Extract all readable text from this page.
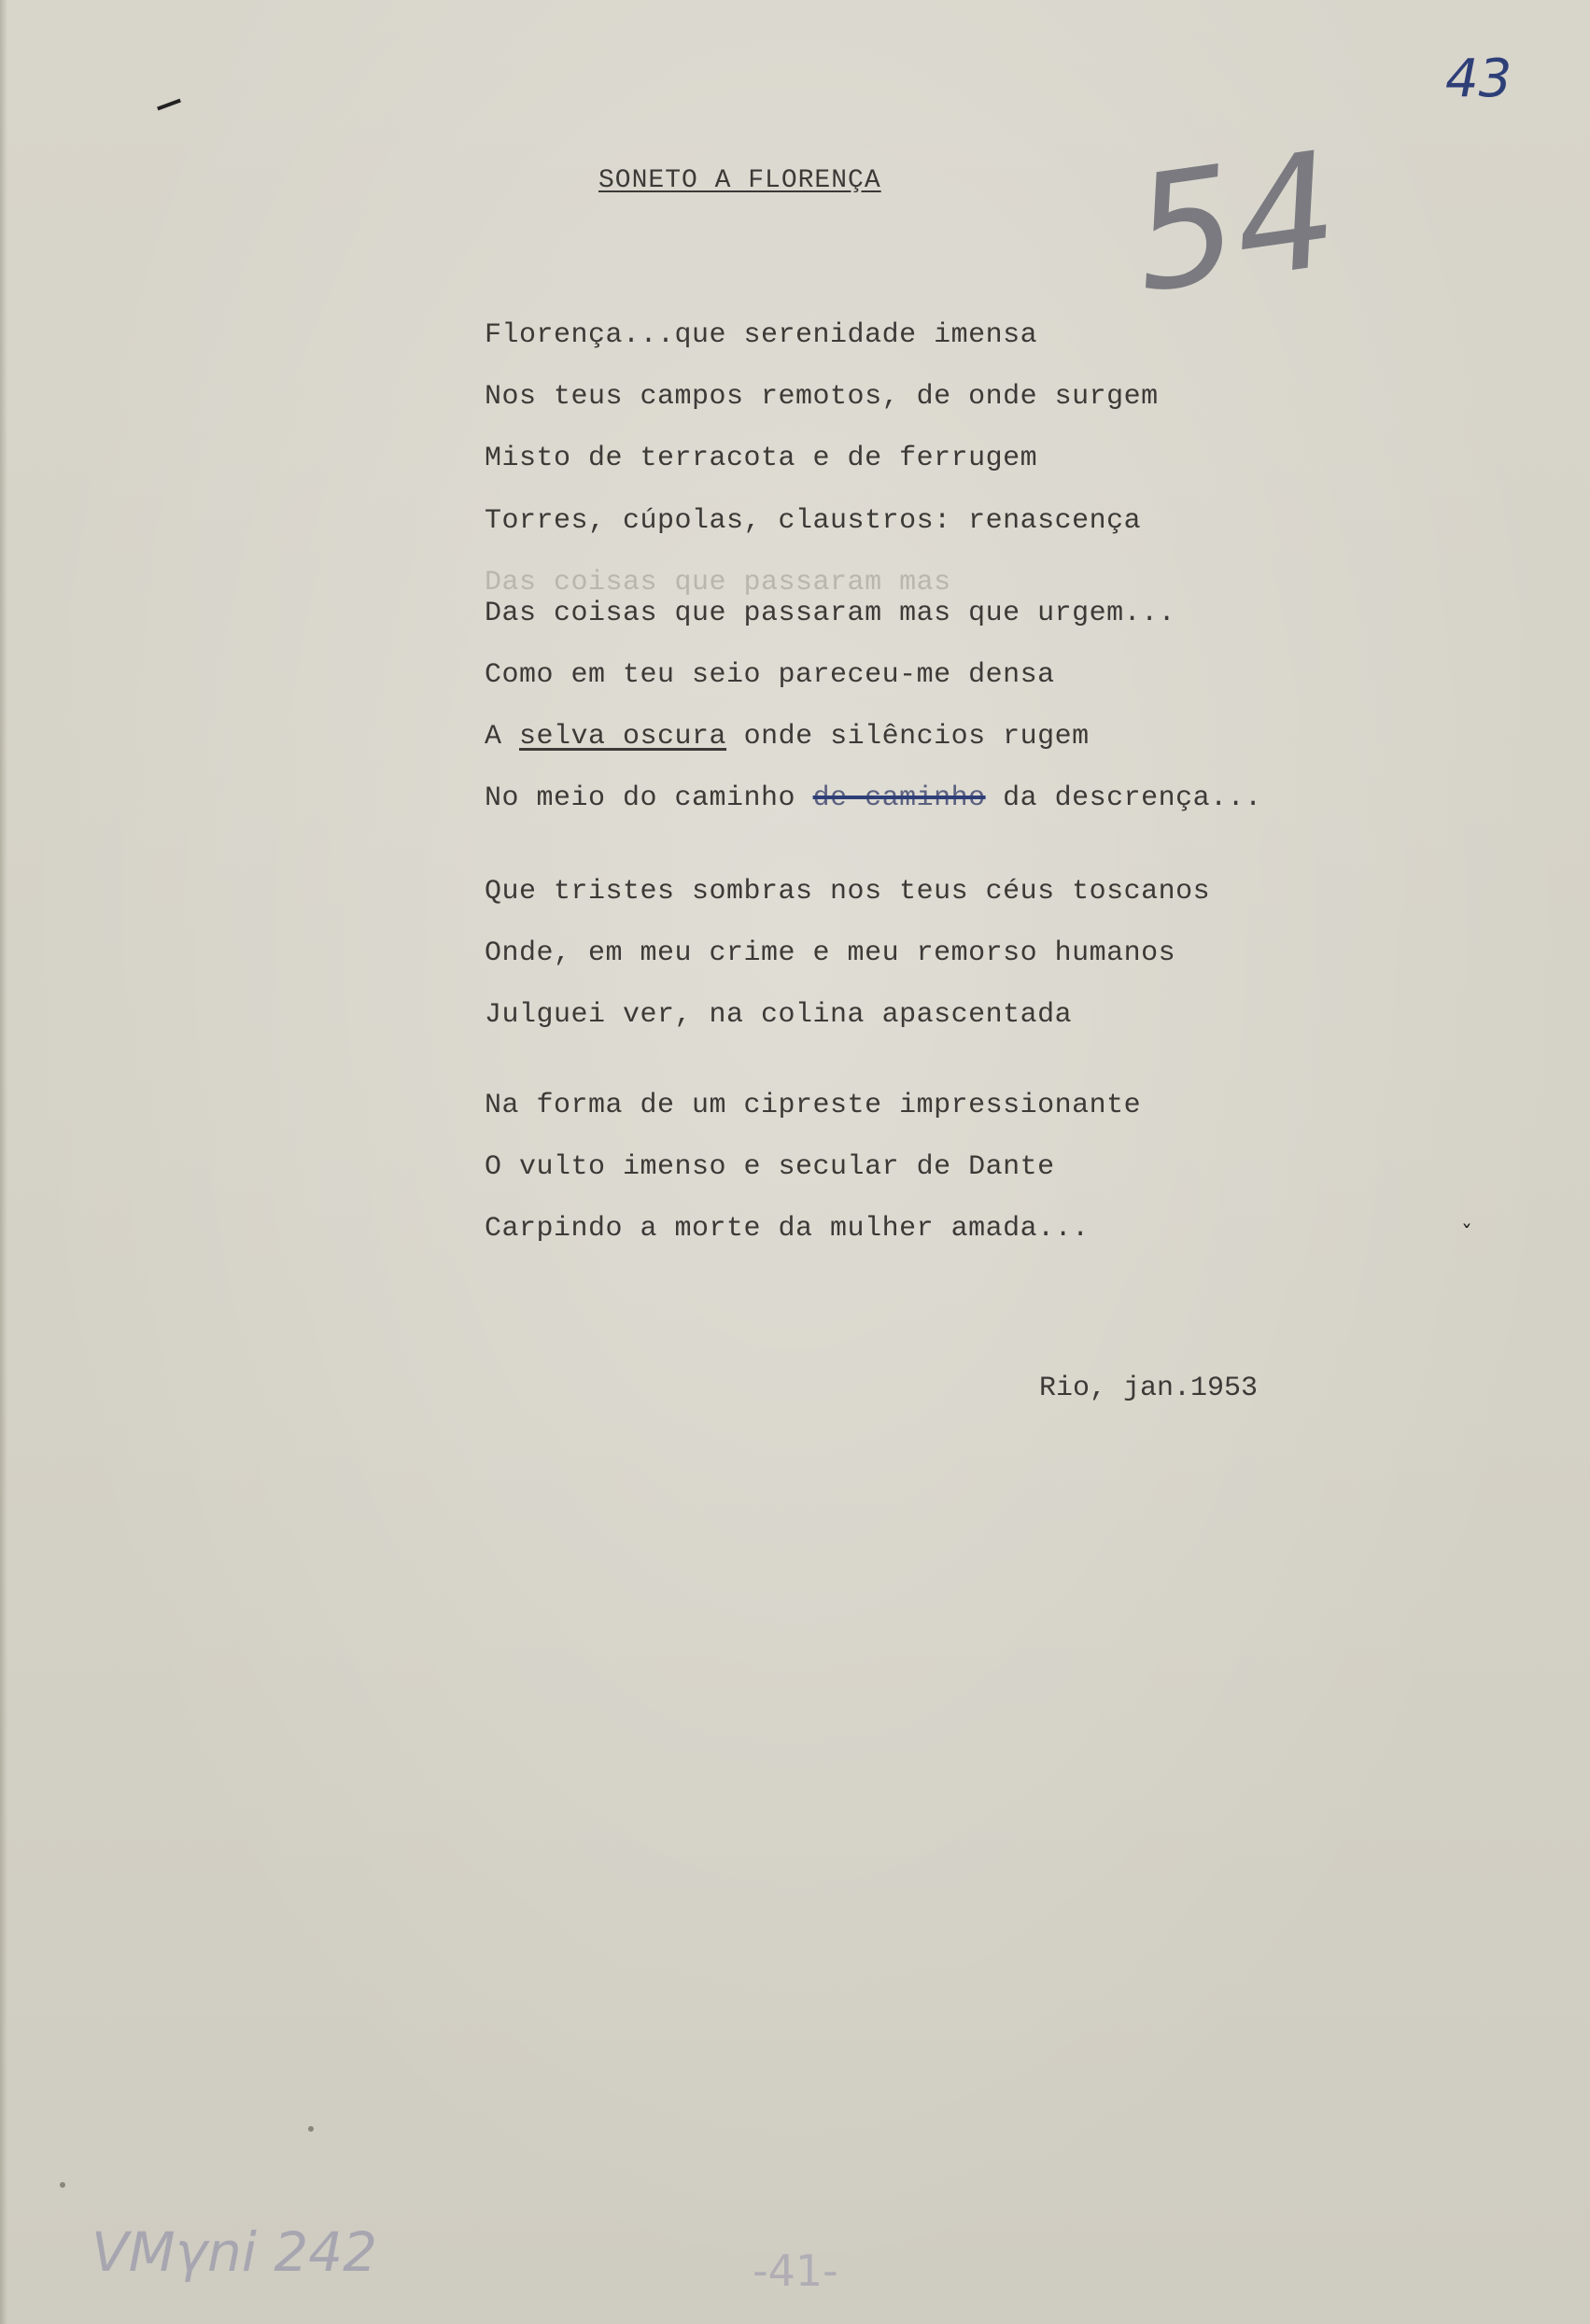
43
54
VMγni 242	-41-
ˇ
SONETO A FLORENÇA
Das coisas que passaram mas
Florença...que serenidade imensa
Nos teus campos remotos, de onde surgem
Misto de terracota e de ferrugem
Torres, cúpolas, claustros: renascença
Das coisas que passaram mas que urgem...
Como em teu seio pareceu-me densa
A selva oscura onde silêncios rugem
No meio do caminho de caminho da descrença...
Que tristes sombras nos teus céus toscanos
Onde, em meu crime e meu remorso humanos
Julguei ver, na colina apascentada
Na forma de um cipreste impressionante
O vulto imenso e secular de Dante
Carpindo a morte da mulher amada...
Rio, jan.1953
